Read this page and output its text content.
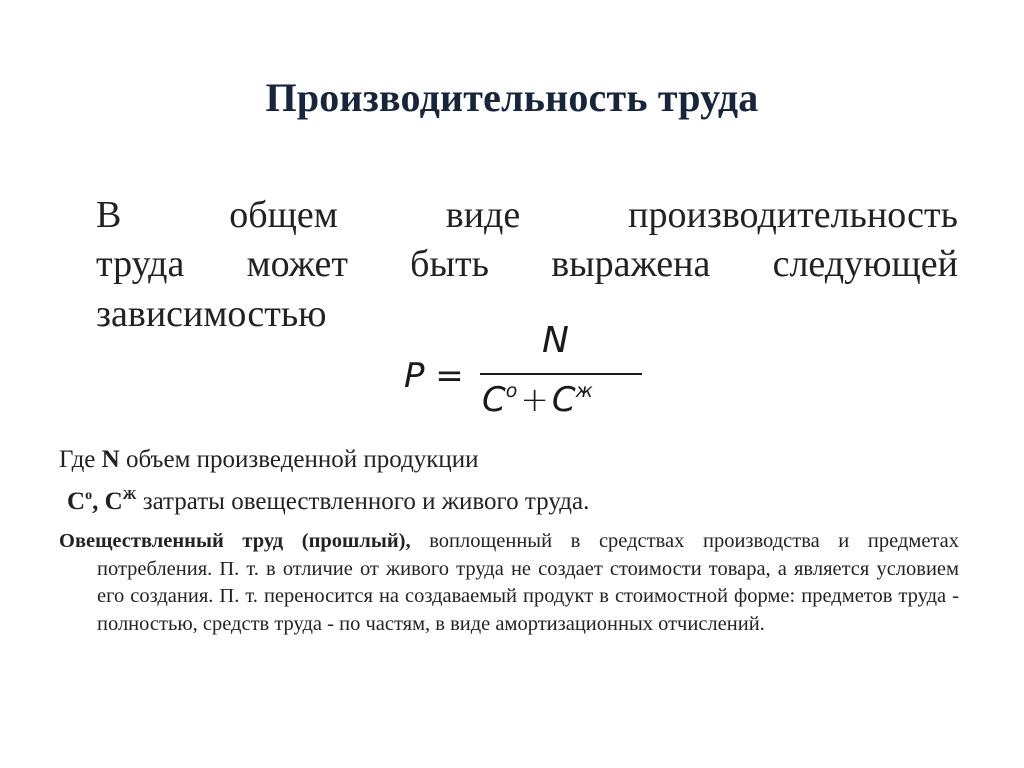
Производительность труда
В	общем	виде	производительность
труда может быть выражена следующей
зависимостью
P =
N
$C^o+C^ж$
Где N объем произведенной продукции
$С^о$, $С^Ж$ затраты овеществленного и живого труда.

Овеществленный труд (прошлый), воплощенный в средствах производства и предметах потребления. П. т. в отличие от живого труда не создает стоимости товара, а является условием его создания. П. т. переносится на создаваемый продукт в стоимостной форме: предметов труда - полностью, средств труда - по частям, в виде амортизационных отчислений.
